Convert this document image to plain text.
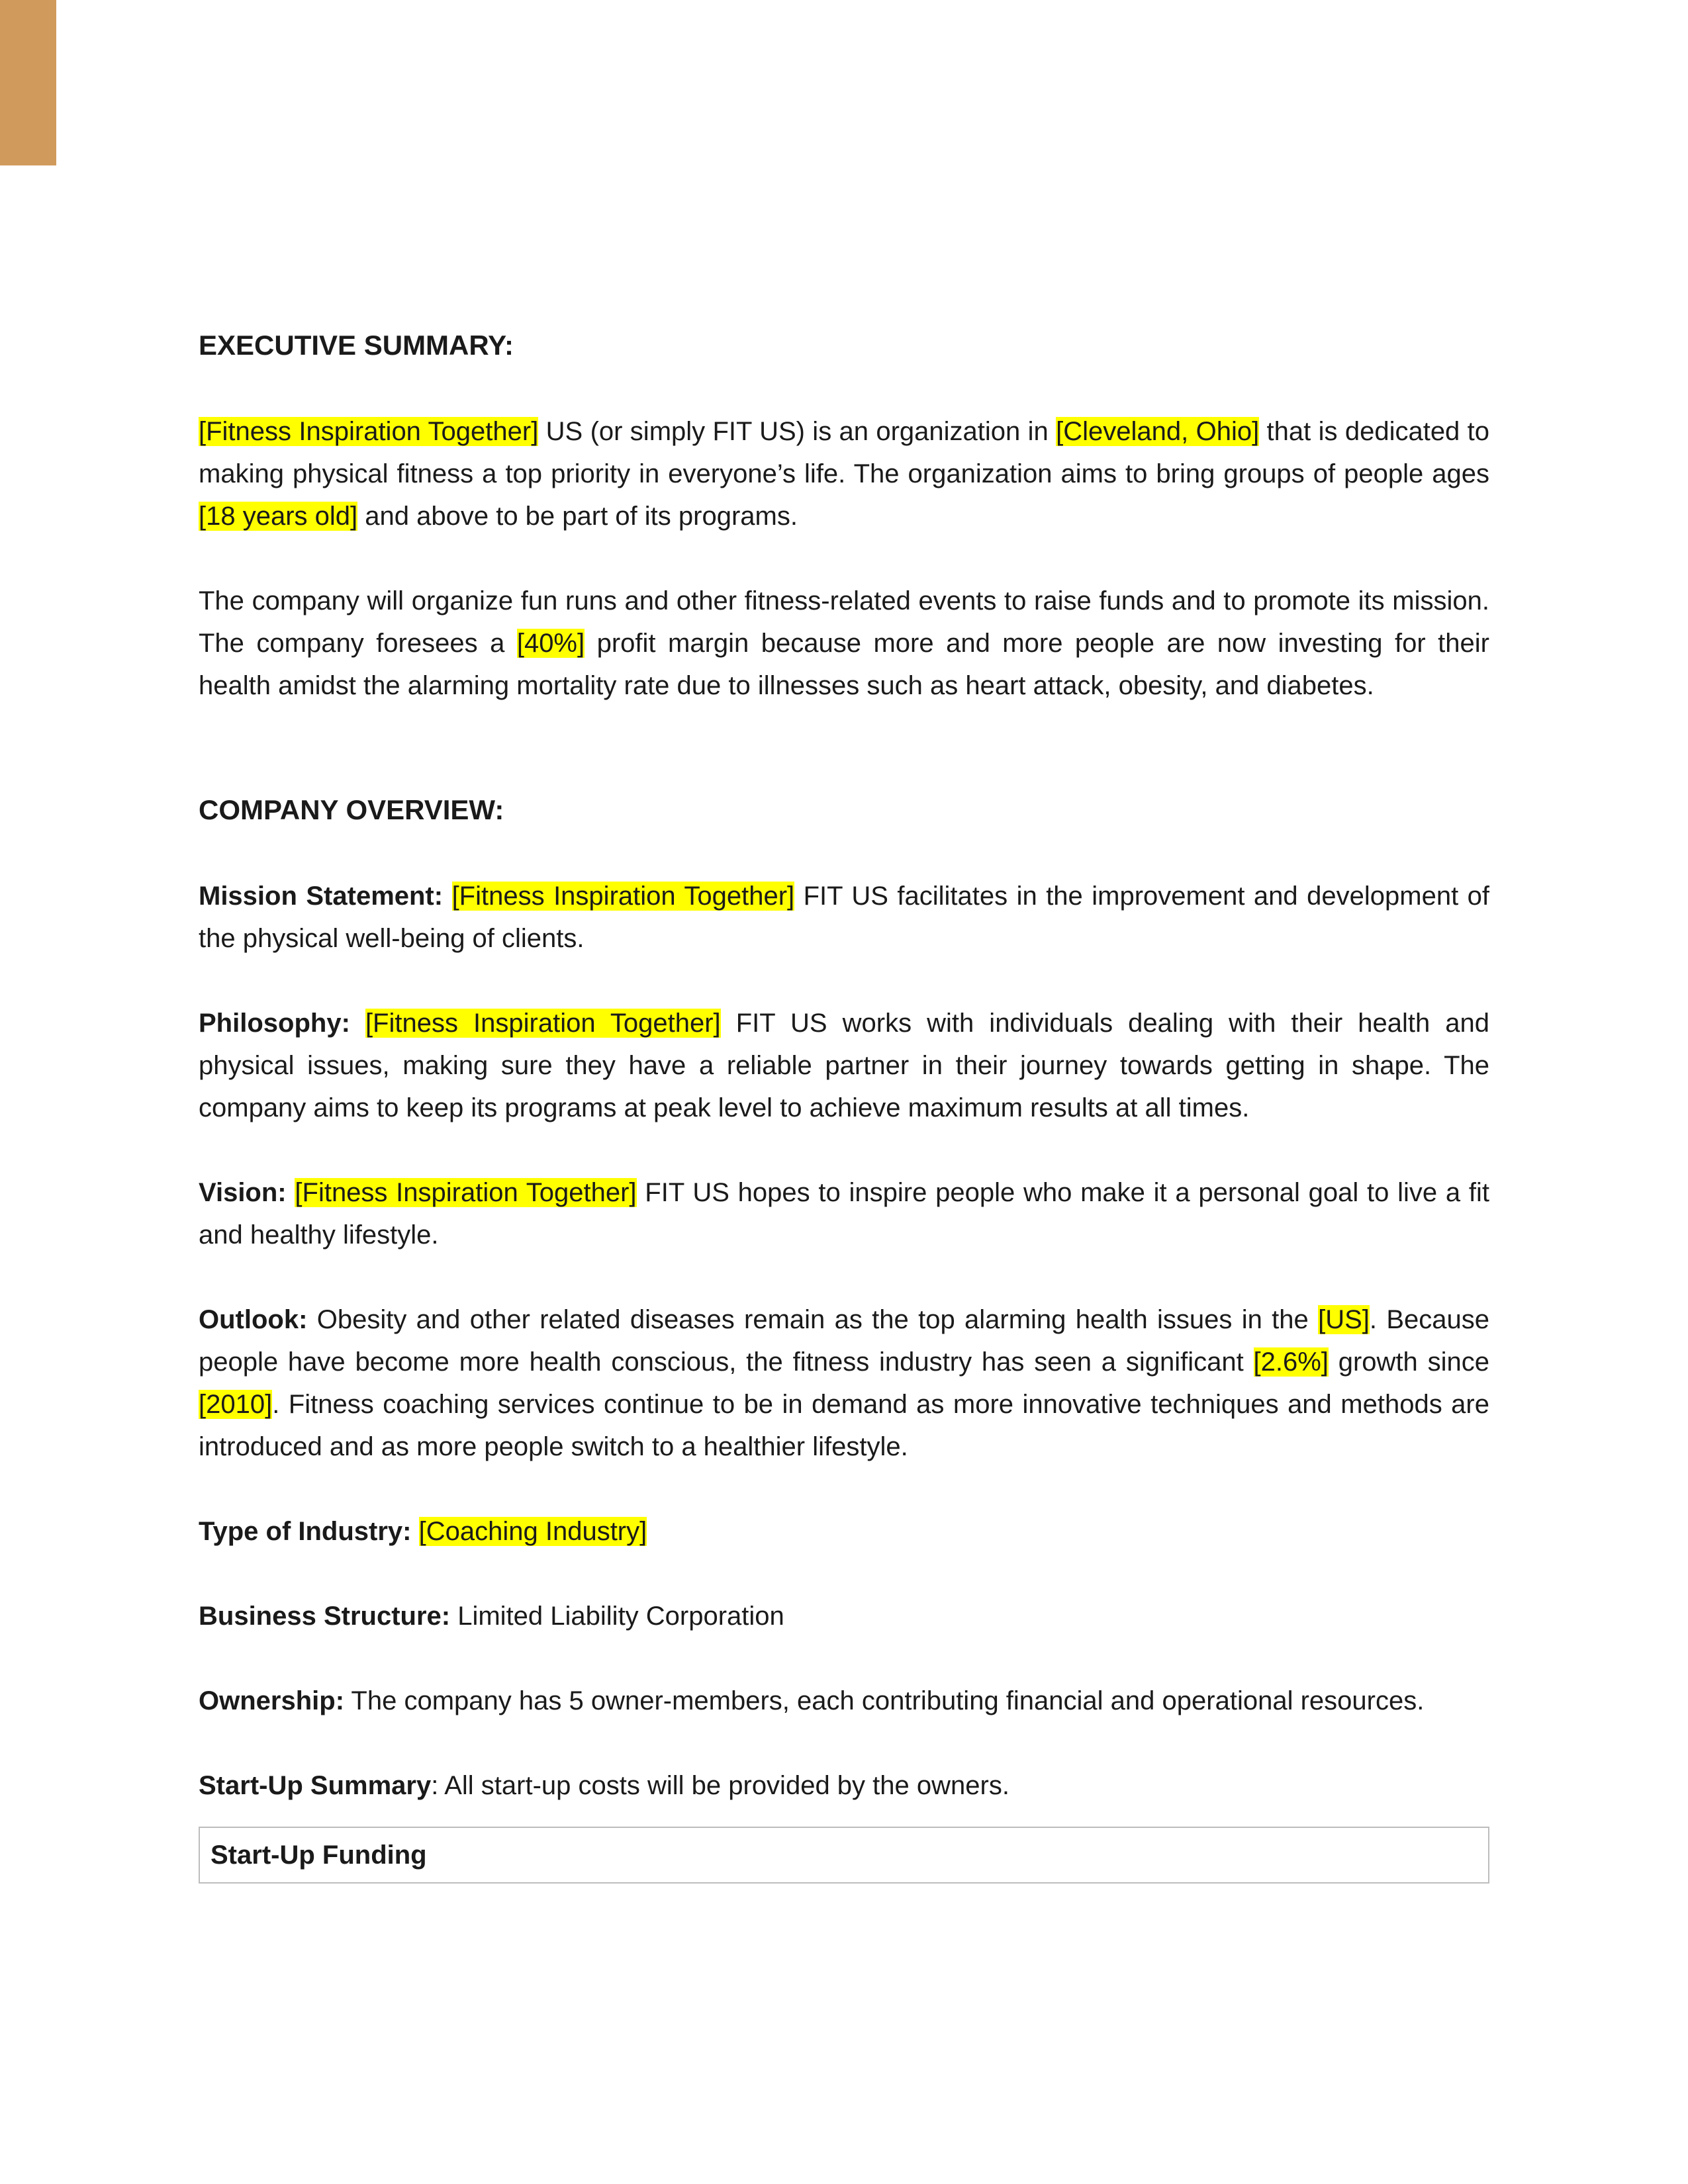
EXECUTIVE SUMMARY:

[Fitness Inspiration Together] US (or simply FIT US) is an organization in [Cleveland, Ohio] that is dedicated to making physical fitness a top priority in everyone’s life. The organization aims to bring groups of people ages [18 years old] and above to be part of its programs.

The company will organize fun runs and other fitness-related events to raise funds and to promote its mission. The company foresees a [40%] profit margin because more and more people are now investing for their health amidst the alarming mortality rate due to illnesses such as heart attack, obesity, and diabetes.

COMPANY OVERVIEW:

Mission Statement: [Fitness Inspiration Together] FIT US facilitates in the improvement and development of the physical well-being of clients.

Philosophy: [Fitness Inspiration Together] FIT US works with individuals dealing with their health and physical issues, making sure they have a reliable partner in their journey towards getting in shape. The company aims to keep its programs at peak level to achieve maximum results at all times.

Vision: [Fitness Inspiration Together] FIT US hopes to inspire people who make it a personal goal to live a fit and healthy lifestyle.

Outlook: Obesity and other related diseases remain as the top alarming health issues in the [US]. Because people have become more health conscious, the fitness industry has seen a significant [2.6%] growth since [2010]. Fitness coaching services continue to be in demand as more innovative techniques and methods are introduced and as more people switch to a healthier lifestyle.

Type of Industry: [Coaching Industry]

Business Structure: Limited Liability Corporation

Ownership: The company has 5 owner-members, each contributing financial and operational resources.

Start-Up Summary: All start-up costs will be provided by the owners.

Start-Up Funding
